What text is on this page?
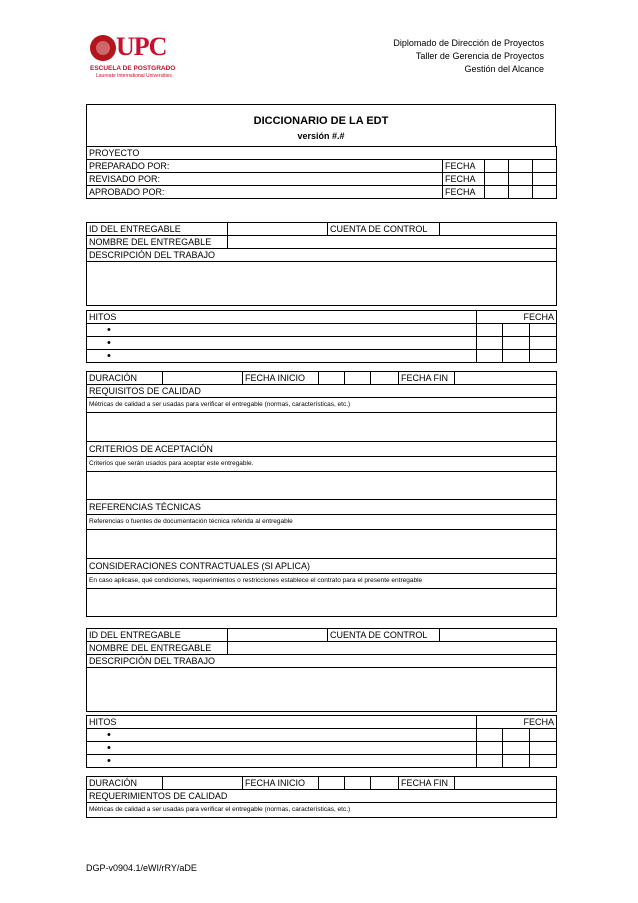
UPC
ESCUELA DE POSTGRADO
Laureate International Universities
Diplomado de Dirección de Proyectos
Taller de Gerencia de Proyectos
Gestión del Alcance
DICCIONARIO DE LA EDT
versión #.#
PROYECTO				
PREPARADO POR:	FECHA			
REVISADO POR:	FECHA			
APROBADO POR:	FECHA			
ID DEL ENTREGABLE		CUENTA DE CONTROL	
NOMBRE DEL ENTREGABLE			
DESCRIPCIÓN DEL TRABAJO			

HITOS	FECHA		
•			
•			
•			
DURACIÓN		FECHA INICIO				FECHA FIN	
REQUISITOS DE CALIDAD
Métricas de calidad a ser usadas para verificar el entregable (normas, características, etc.)

CRITERIOS DE ACEPTACIÓN
Criterios que serán usados para aceptar este entregable.

REFERENCIAS TÉCNICAS
Referencias o fuentes de documentación técnica referida al entregable

CONSIDERACIONES CONTRACTUALES (SI APLICA)
En caso aplicase, qué condiciones, requerimientos o restricciones establece el contrato para el presente entregable

ID DEL ENTREGABLE		CUENTA DE CONTROL	
NOMBRE DEL ENTREGABLE			
DESCRIPCIÓN DEL TRABAJO			

HITOS	FECHA		
•			
•			
•			
DURACIÓN		FECHA INICIO				FECHA FIN	
REQUERIMIENTOS DE CALIDAD
Métricas de calidad a ser usadas para verificar el entregable (normas, características, etc.)
DGP-v0904.1/eWI/rRY/aDE
